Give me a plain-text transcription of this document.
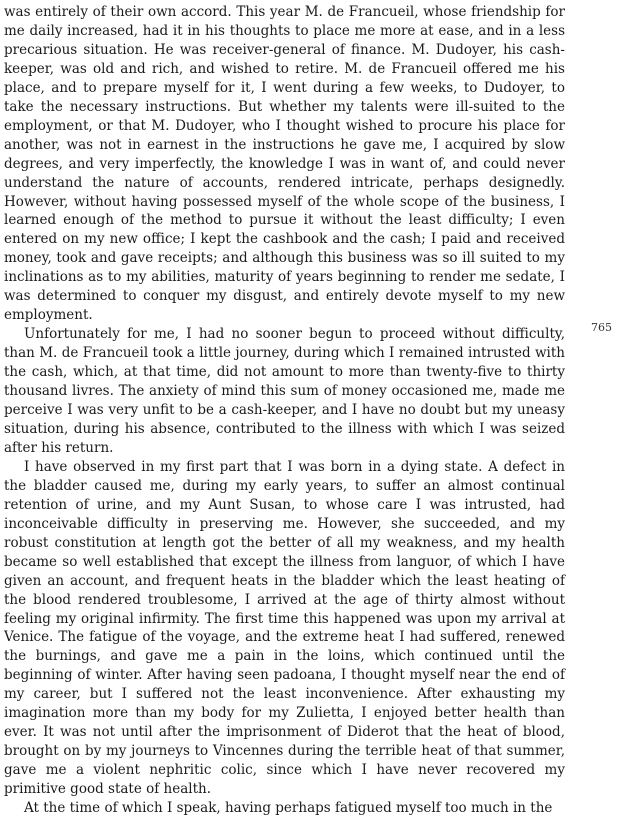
was entirely of their own accord. This year M. de Francueil, whose friendship for me daily increased, had it in his thoughts to place me more at ease, and in a less precarious situation. He was receiver-general of finance. M. Dudoyer, his cash-keeper, was old and rich, and wished to retire. M. de Francueil offered me his place, and to prepare myself for it, I went during a few weeks, to Dudoyer, to take the necessary instructions. But whether my talents were ill-suited to the employment, or that M. Dudoyer, who I thought wished to procure his place for another, was not in earnest in the instructions he gave me, I acquired by slow degrees, and very imperfectly, the knowledge I was in want of, and could never understand the nature of accounts, rendered intricate, perhaps designedly. However, without having possessed myself of the whole scope of the business, I learned enough of the method to pursue it without the least difficulty; I even entered on my new office; I kept the cashbook and the cash; I paid and received money, took and gave receipts; and although this business was so ill suited to my inclinations as to my abilities, maturity of years beginning to render me sedate, I was determined to conquer my disgust, and entirely devote myself to my new employment.

Unfortunately for me, I had no sooner begun to proceed without difficulty, than M. de Francueil took a little journey, during which I remained intrusted with the cash, which, at that time, did not amount to more than twenty-five to thirty thousand livres. The anxiety of mind this sum of money occasioned me, made me perceive I was very unfit to be a cash-keeper, and I have no doubt but my uneasy situation, during his absence, contributed to the illness with which I was seized after his return.

I have observed in my first part that I was born in a dying state. A defect in the bladder caused me, during my early years, to suffer an almost continual retention of urine, and my Aunt Susan, to whose care I was intrusted, had inconceivable difficulty in preserving me. However, she succeeded, and my robust constitution at length got the better of all my weakness, and my health became so well established that except the illness from languor, of which I have given an account, and frequent heats in the bladder which the least heating of the blood rendered troublesome, I arrived at the age of thirty almost without feeling my original infirmity. The first time this happened was upon my arrival at Venice. The fatigue of the voyage, and the extreme heat I had suffered, renewed the burnings, and gave me a pain in the loins, which continued until the beginning of winter. After having seen padoana, I thought myself near the end of my career, but I suffered not the least inconvenience. After exhausting my imagination more than my body for my Zulietta, I enjoyed better health than ever. It was not until after the imprisonment of Diderot that the heat of blood, brought on by my journeys to Vincennes during the terrible heat of that summer, gave me a violent nephritic colic, since which I have never recovered my primitive good state of health.

At the time of which I speak, having perhaps fatigued myself too much in the

765
